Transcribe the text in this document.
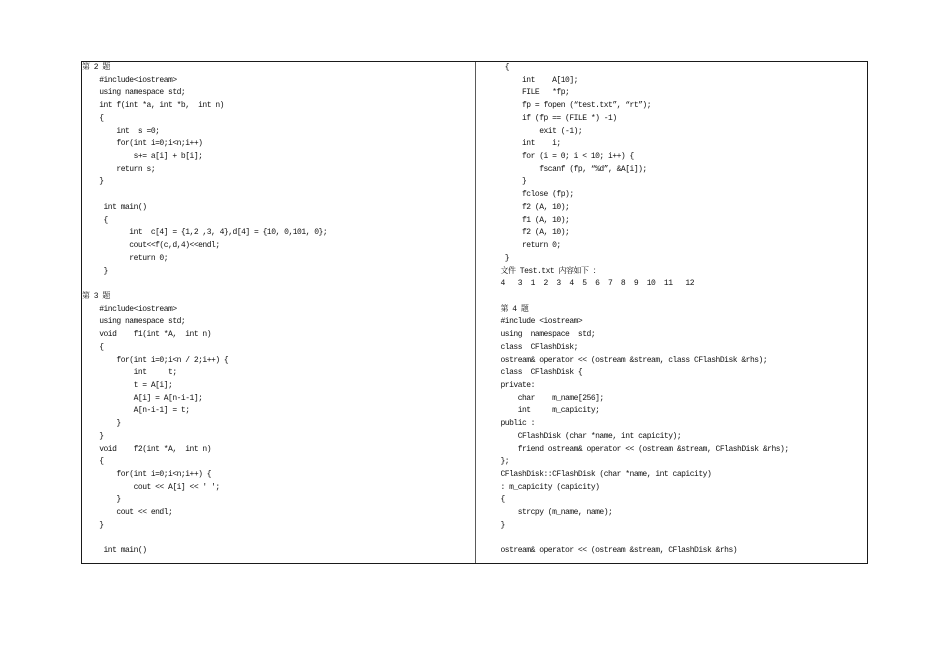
第 2 题
#include<iostream>
using namespace std;
int f(int *a, int *b,  int n)
{
int  s =0;
for(int i=0;i<n;i++)
s+= a[i] + b[i];
return s;
}
int main()
{
int  c[4] = {1,2 ,3, 4},d[4] = {10, 0,101, 0};
cout<<f(c,d,4)<<endl;
return 0;
}
第 3 题
#include<iostream>
using namespace std;
void    f1(int *A,  int n)
{
for(int i=0;i<n / 2;i++) {
int     t;
t = A[i];
A[i] = A[n-i-1];
A[n-i-1] = t;
}
}
void    f2(int *A,  int n)
{
for(int i=0;i<n;i++) {
cout << A[i] << ' ';
}
cout << endl;
}
int main()
{
int    A[10];
FILE   *fp;
fp = fopen (“test.txt”, “rt”);
if (fp == (FILE *) -1)
exit (-1);
int    i;
for (i = 0; i < 10; i++) {
fscanf (fp, “%d”, &A[i]);
}
fclose (fp);
f2 (A, 10);
f1 (A, 10);
f2 (A, 10);
return 0;
}
文件 Test.txt 内容如下 ：
4   3  1  2  3  4  5  6  7  8  9  10  11   12
第 4 题
#include <iostream>
using  namespace  std;
class  CFlashDisk;
ostream& operator << (ostream &stream, class CFlashDisk &rhs);
class  CFlashDisk {
private:
char    m_name[256];
int     m_capicity;
public :
CFlashDisk (char *name, int capicity);
friend ostream& operator << (ostream &stream, CFlashDisk &rhs);
};
CFlashDisk::CFlashDisk (char *name, int capicity)
: m_capicity (capicity)
{
strcpy (m_name, name);
}
ostream& operator << (ostream &stream, CFlashDisk &rhs)
